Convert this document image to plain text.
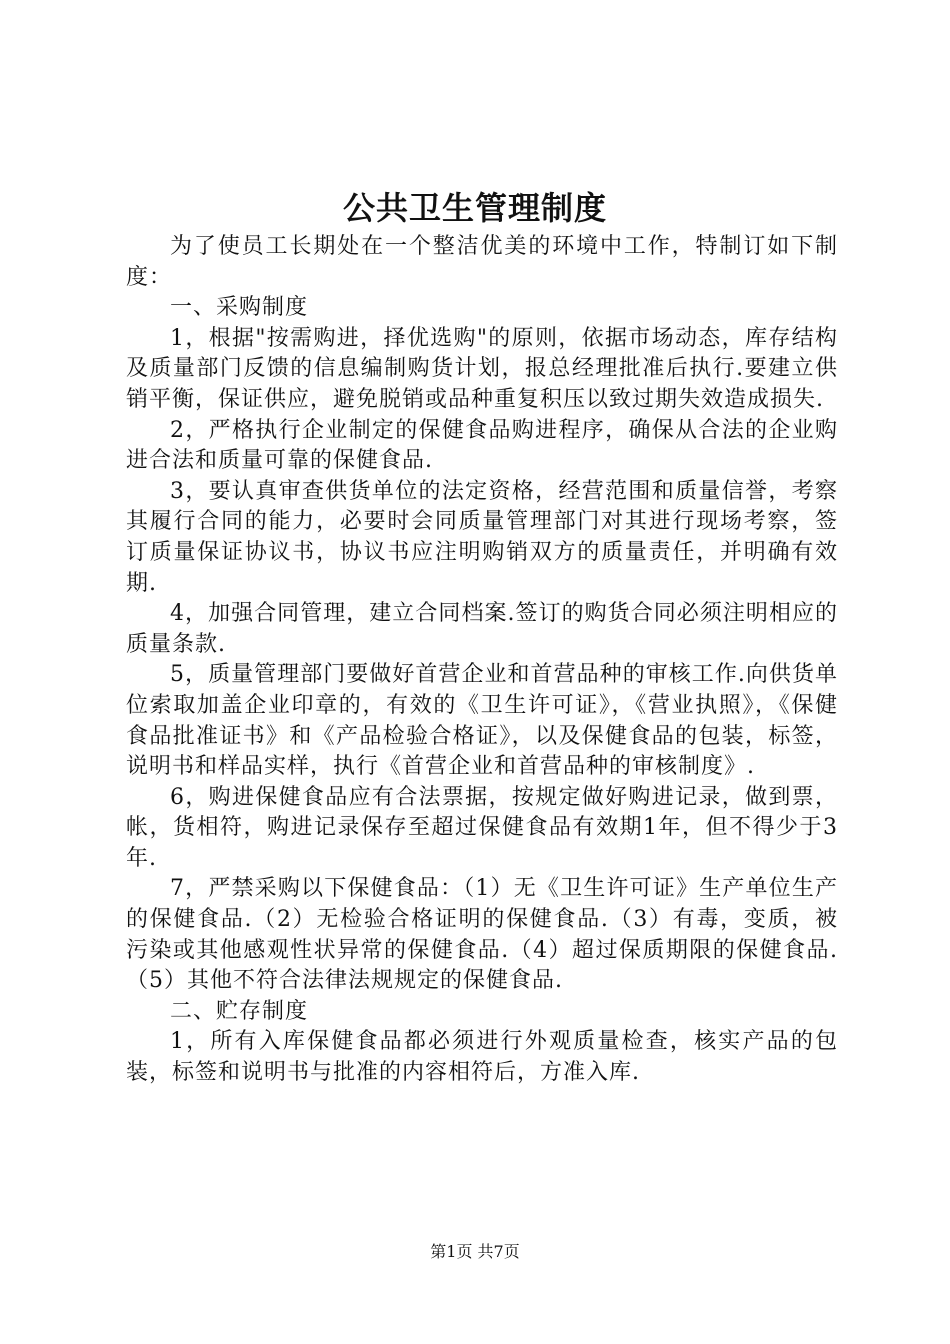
公共卫生管理制度

为了使员工长期处在一个整洁优美的环境中工作，特制订如下制度：

一、采购制度

1，根据"按需购进，择优选购"的原则，依据市场动态，库存结构及质量部门反馈的信息编制购货计划，报总经理批准后执行.要建立供销平衡，保证供应，避免脱销或品种重复积压以致过期失效造成损失.

2，严格执行企业制定的保健食品购进程序，确保从合法的企业购进合法和质量可靠的保健食品.

3，要认真审查供货单位的法定资格，经营范围和质量信誉，考察其履行合同的能力，必要时会同质量管理部门对其进行现场考察，签订质量保证协议书，协议书应注明购销双方的质量责任，并明确有效期.

4，加强合同管理，建立合同档案.签订的购货合同必须注明相应的质量条款.

5，质量管理部门要做好首营企业和首营品种的审核工作.向供货单位索取加盖企业印章的，有效的《卫生许可证》，《营业执照》，《保健食品批准证书》和《产品检验合格证》，以及保健食品的包装，标签，说明书和样品实样，执行《首营企业和首营品种的审核制度》.

6，购进保健食品应有合法票据，按规定做好购进记录，做到票，帐，货相符，购进记录保存至超过保健食品有效期1年，但不得少于3年.

7，严禁采购以下保健食品：（1）无《卫生许可证》生产单位生产的保健食品.（2）无检验合格证明的保健食品.（3）有毒，变质，被污染或其他感观性状异常的保健食品.（4）超过保质期限的保健食品.（5）其他不符合法律法规规定的保健食品.

二、贮存制度

1，所有入库保健食品都必须进行外观质量检查，核实产品的包装，标签和说明书与批准的内容相符后，方准入库.

第1页 共7页
